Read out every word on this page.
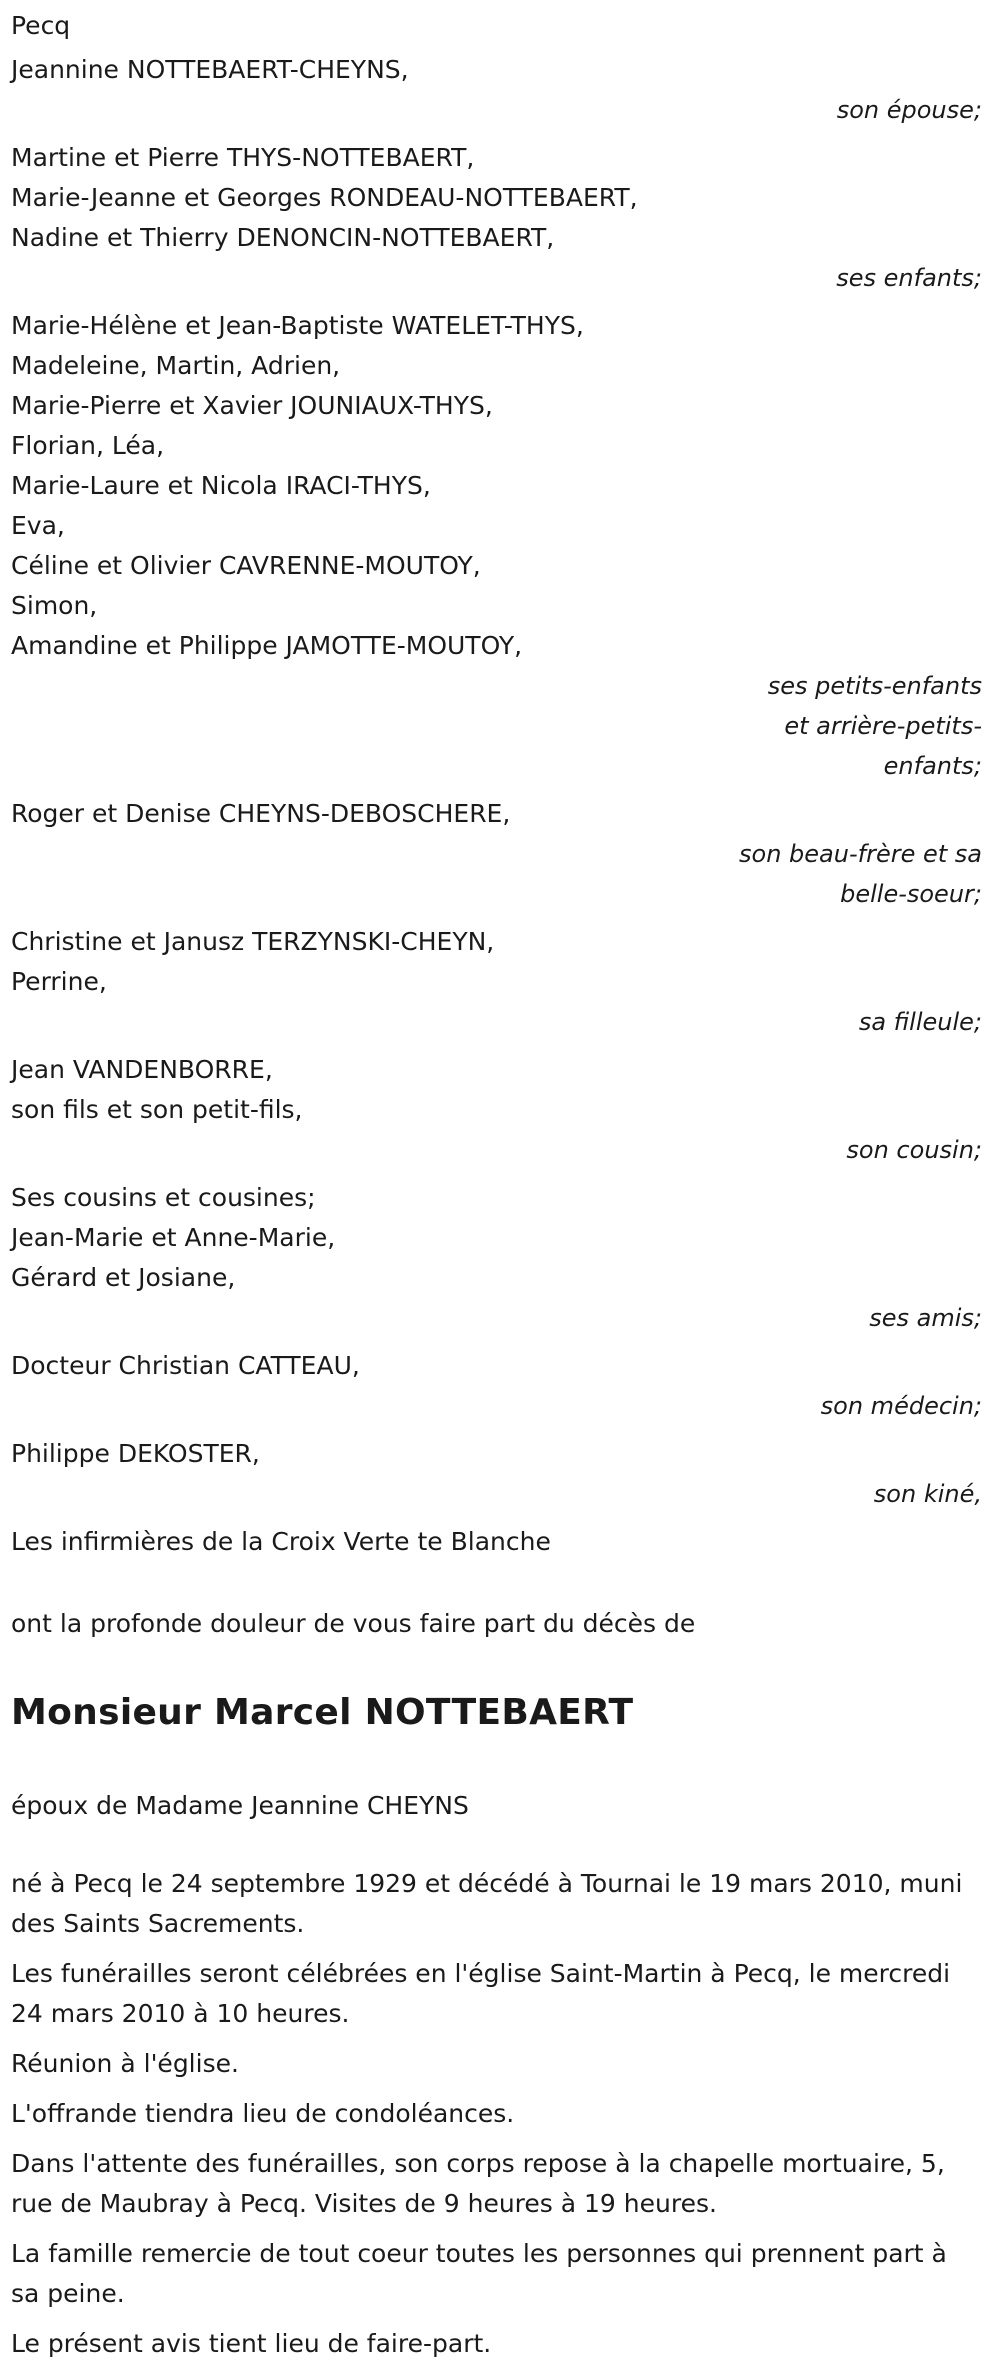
Pecq
Jeannine NOTTEBAERT-CHEYNS,
son épouse;
Martine et Pierre THYS-NOTTEBAERT,
Marie-Jeanne et Georges RONDEAU-NOTTEBAERT,
Nadine et Thierry DENONCIN-NOTTEBAERT,
ses enfants;
Marie-Hélène et Jean-Baptiste WATELET-THYS,
Madeleine, Martin, Adrien,
Marie-Pierre et Xavier JOUNIAUX-THYS,
Florian, Léa,
Marie-Laure et Nicola IRACI-THYS,
Eva,
Céline et Olivier CAVRENNE-MOUTOY,
Simon,
Amandine et Philippe JAMOTTE-MOUTOY,
ses petits-enfants
et arrière-petits-
enfants;
Roger et Denise CHEYNS-DEBOSCHERE,
son beau-frère et sa
belle-soeur;
Christine et Janusz TERZYNSKI-CHEYN,
Perrine,
sa filleule;
Jean VANDENBORRE,
son fils et son petit-fils,
son cousin;
Ses cousins et cousines;
Jean-Marie et Anne-Marie,
Gérard et Josiane,
ses amis;
Docteur Christian CATTEAU,
son médecin;
Philippe DEKOSTER,
son kiné,
Les infirmières de la Croix Verte te Blanche
ont la profonde douleur de vous faire part du décès de
Monsieur Marcel NOTTEBAERT
époux de Madame Jeannine CHEYNS
né à Pecq le 24 septembre 1929 et décédé à Tournai le 19 mars 2010, muni des Saints Sacrements.
Les funérailles seront célébrées en l'église Saint-Martin à Pecq, le mercredi 24 mars 2010 à 10 heures.
Réunion à l'église.
L'offrande tiendra lieu de condoléances.
Dans l'attente des funérailles, son corps repose à la chapelle mortuaire, 5, rue de Maubray à Pecq. Visites de 9 heures à 19 heures.
La famille remercie de tout coeur toutes les personnes qui prennent part à sa peine.
Le présent avis tient lieu de faire-part.
